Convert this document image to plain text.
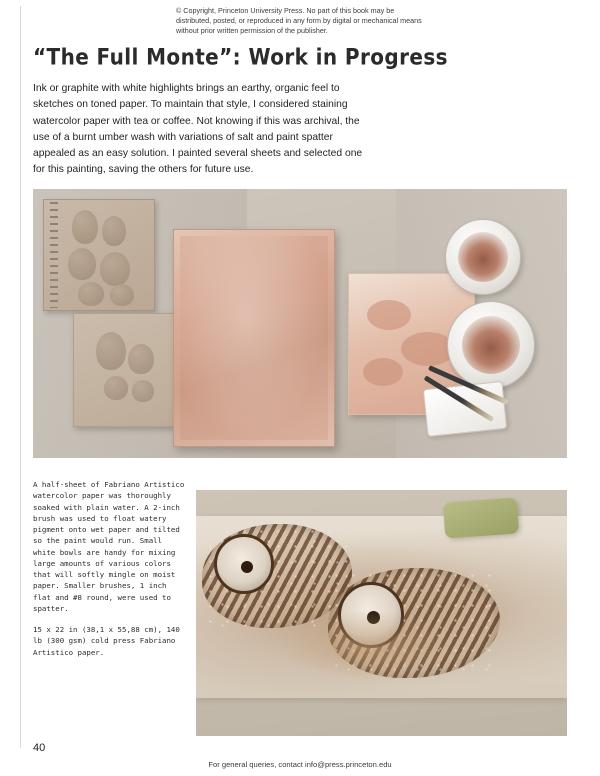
© Copyright, Princeton University Press. No part of this book may be distributed, posted, or reproduced in any form by digital or mechanical means without prior written permission of the publisher.
“The Full Monte”: Work in Progress
Ink or graphite with white highlights brings an earthy, organic feel to sketches on toned paper. To maintain that style, I considered staining watercolor paper with tea or coffee. Not knowing if this was archival, the use of a burnt umber wash with variations of salt and paint spatter appealed as an easy solution. I painted several sheets and selected one for this painting, saving the others for future use.

A half-sheet of Fabriano Artistico watercolor paper was thoroughly soaked with plain water. A 2-inch brush was used to float watery pigment onto wet paper and tilted so the paint would run. Small white bowls are handy for mixing large amounts of various colors that will softly mingle on moist paper. Smaller brushes, 1 inch flat and #8 round, were used to spatter.

15 x 22 in (38,1 x 55,88 cm), 140 lb (300 gsm) cold press Fabriano Artistico paper.

40
For general queries, contact info@press.princeton.edu
